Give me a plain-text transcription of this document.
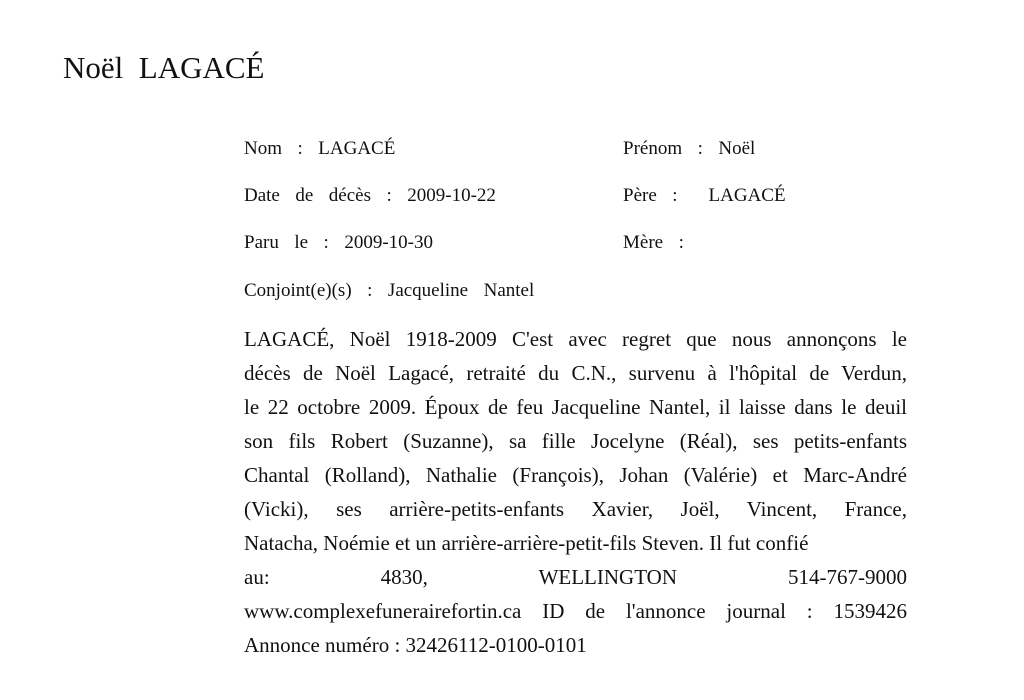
Noël  LAGACÉ
Nom  :  LAGACÉ	Prénom  :  Noël
Date  de  décès  :  2009-10-22	Père  :    LAGACÉ
Paru  le  :  2009-10-30	Mère  :
Conjoint(e)(s)  :  Jacqueline  Nantel
LAGACÉ, Noël 1918-2009 C'est avec regret que nous annonçons le
décès de Noël Lagacé, retraité du C.N., survenu à l'hôpital de Verdun,
le 22 octobre 2009. Époux de feu Jacqueline Nantel, il laisse dans le deuil
son fils Robert (Suzanne), sa fille Jocelyne (Réal), ses petits-enfants
Chantal (Rolland), Nathalie (François), Johan (Valérie) et Marc-André
(Vicki), ses arrière-petits-enfants Xavier, Joël, Vincent, France,
Natacha, Noémie et un arrière-arrière-petit-fils Steven. Il fut confié
au: 4830, WELLINGTON 514-767-9000
www.complexefunerairefortin.ca ID de l'annonce journal : 1539426
Annonce numéro : 32426112-0100-0101
